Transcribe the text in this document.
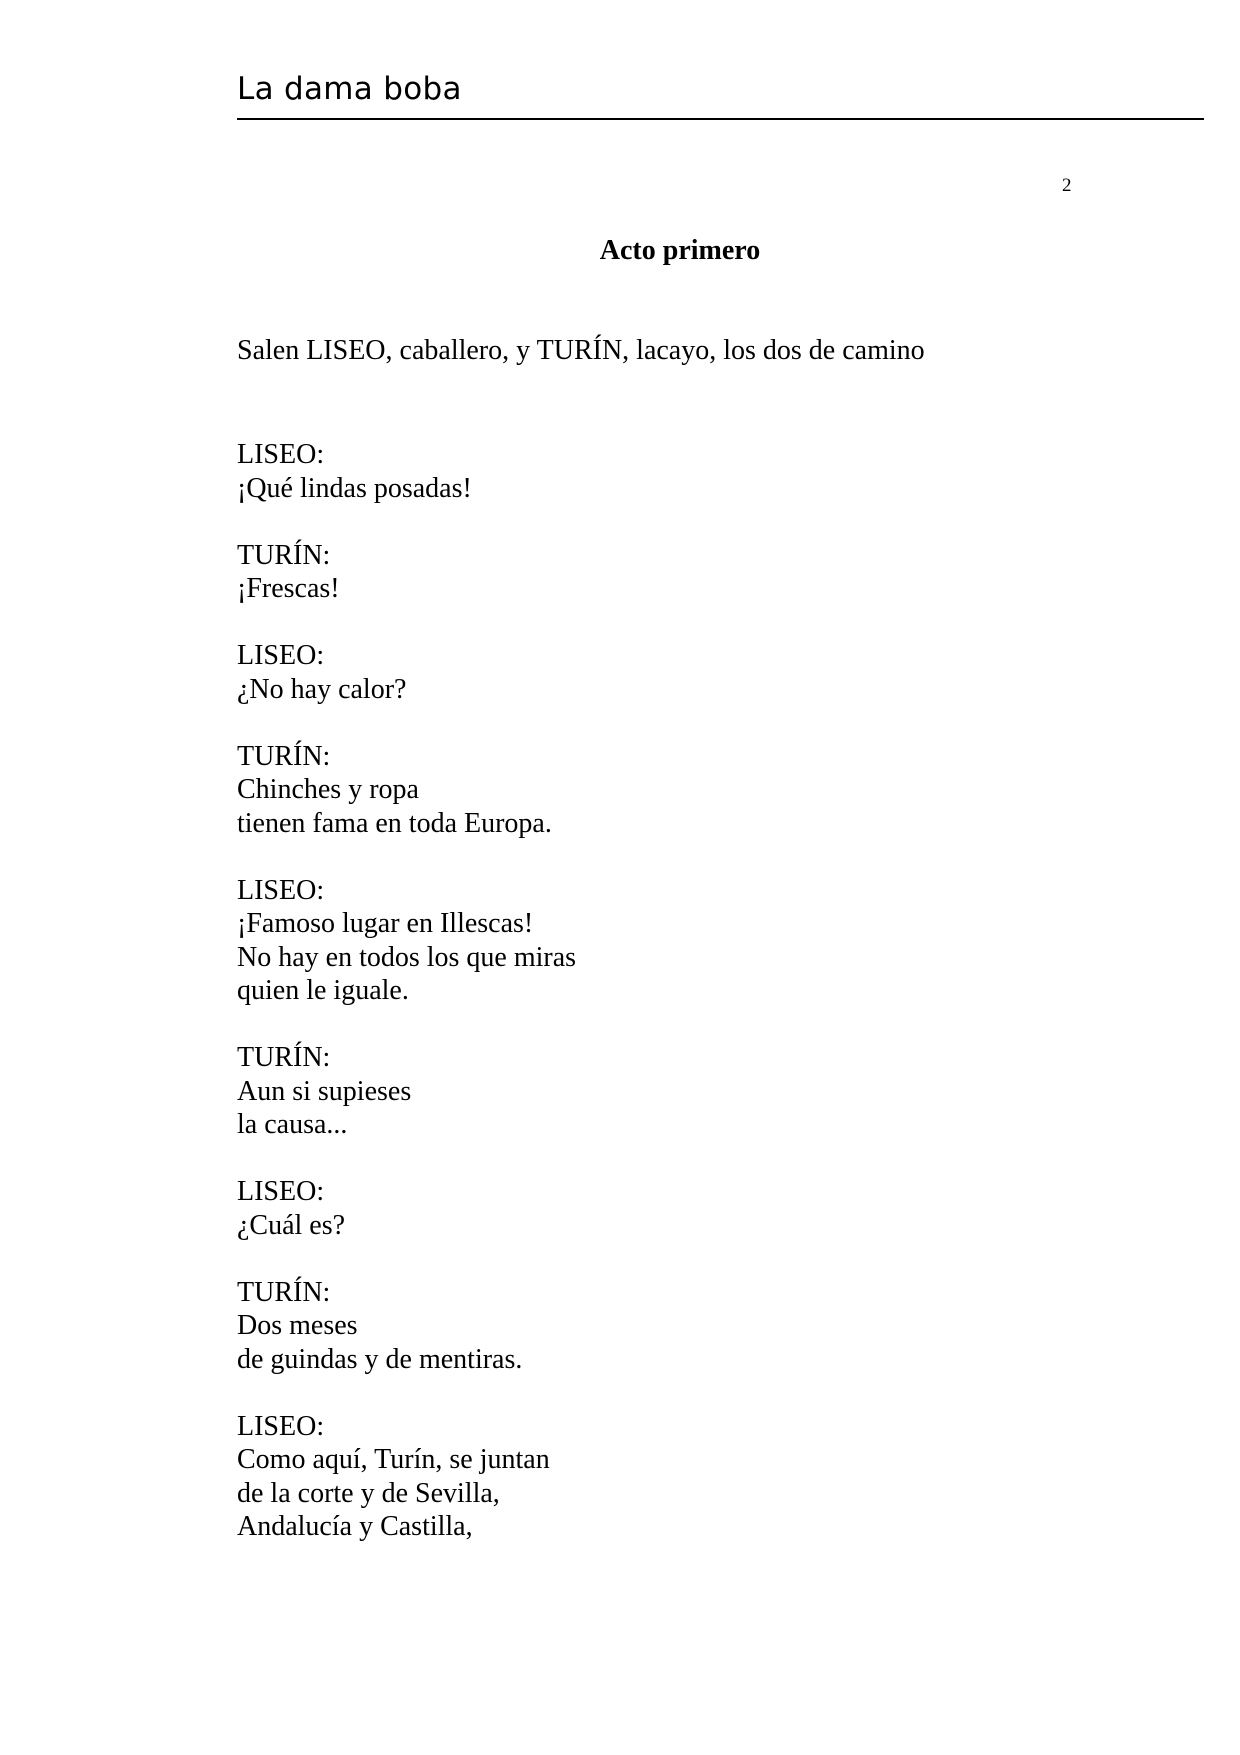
La dama boba
2
Acto primero
Salen LISEO, caballero, y TURÍN, lacayo, los dos de camino
LISEO:
¡Qué lindas posadas!
TURÍN:
¡Frescas!
LISEO:
¿No hay calor?
TURÍN:
Chinches y ropa
tienen fama en toda Europa.
LISEO:
¡Famoso lugar en Illescas!
No hay en todos los que miras
quien le iguale.
TURÍN:
Aun si supieses
la causa...
LISEO:
¿Cuál es?
TURÍN:
Dos meses
de guindas y de mentiras.
LISEO:
Como aquí, Turín, se juntan
de la corte y de Sevilla,
Andalucía y Castilla,
